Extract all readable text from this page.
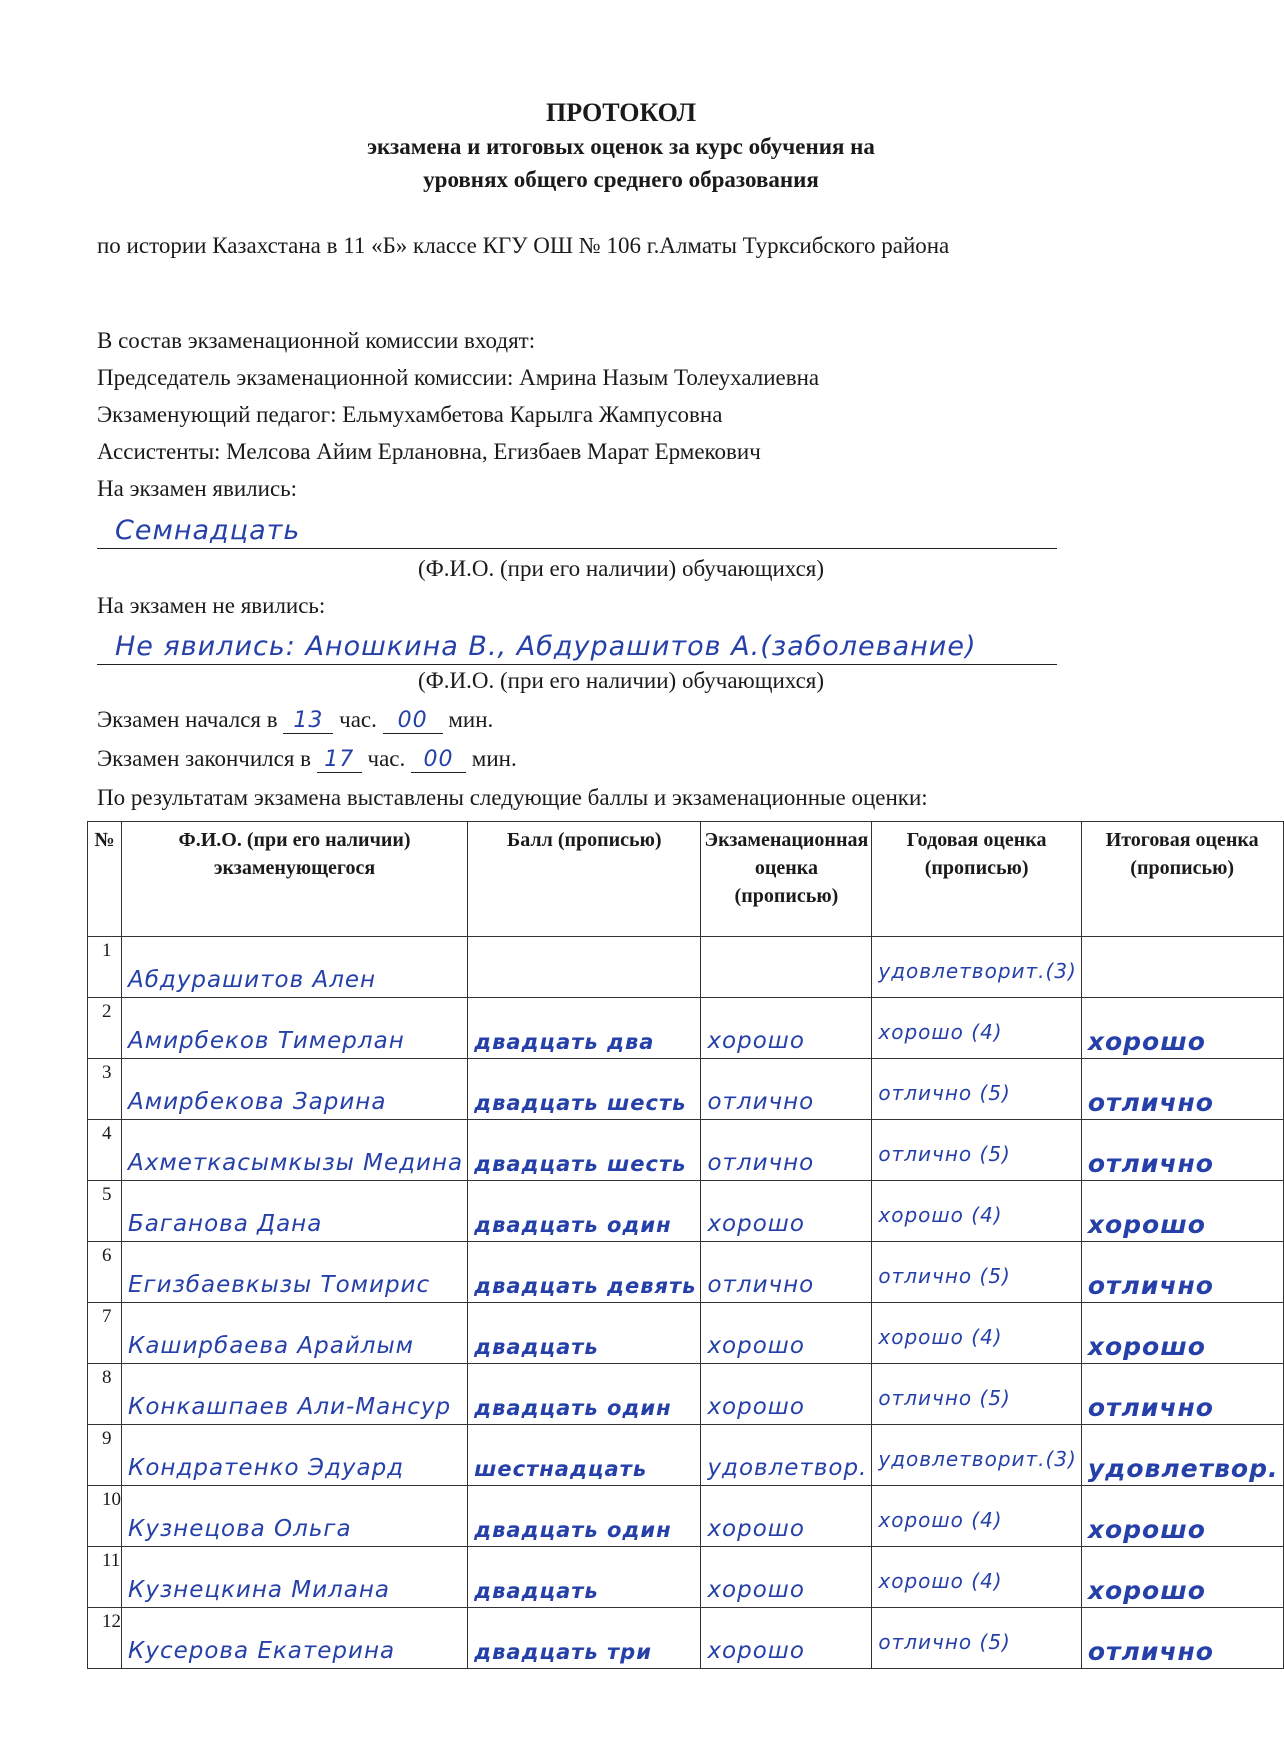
ПРОТОКОЛ
экзамена и итоговых оценок за курс обучения на
уровнях общего среднего образования
по истории Казахстана в 11 «Б» классе КГУ ОШ № 106 г.Алматы Турксибского района
В состав экзаменационной комиссии входят:
Председатель экзаменационной комиссии: Амрина Назым Толеухалиевна
Экзаменующий педагог: Ельмухамбетова Карылга Жампусовна
Ассистенты: Мелсова Айим Ерлановна, Егизбаев Марат Ермекович
На экзамен явились:
Семнадцать
(Ф.И.О. (при его наличии) обучающихся)
На экзамен не явились:
Не явились: Аношкина В., Абдурашитов А.(заболевание)
(Ф.И.О. (при его наличии) обучающихся)
Экзамен начался в 13 час. 00 мин.
Экзамен закончился в 17 час. 00 мин.
По результатам экзамена выставлены следующие баллы и экзаменационные оценки:
№	Ф.И.О. (при его наличии) экзаменующегося	Балл (прописью)	Экзаменационная оценка (прописью)	Годовая оценка (прописью)	Итоговая оценка (прописью)
1	Абдурашитов Ален			удовлетворит.(3)	

2	Амирбеков Тимерлан	двадцать два	хорошо	хорошо (4)	хорошо

3	Амирбекова Зарина	двадцать шесть	отлично	отлично (5)	отлично

4	Ахметкасымкызы Медина	двадцать шесть	отлично	отлично (5)	отлично

5	Баганова Дана	двадцать один	хорошо	хорошо (4)	хорошо

6	Егизбаевкызы Томирис	двадцать девять	отлично	отлично (5)	отлично

7	Каширбаева Арайлым	двадцать	хорошо	хорошо (4)	хорошо

8	Конкашпаев Али-Мансур	двадцать один	хорошо	отлично (5)	отлично

9	Кондратенко Эдуард	шестнадцать	удовлетвор.	удовлетворит.(3)	удовлетвор.

10	Кузнецова Ольга	двадцать один	хорошо	хорошо (4)	хорошо

11	Кузнецкина Милана	двадцать	хорошо	хорошо (4)	хорошо

12	Кусерова Екатерина	двадцать три	хорошо	отлично (5)	отлично
